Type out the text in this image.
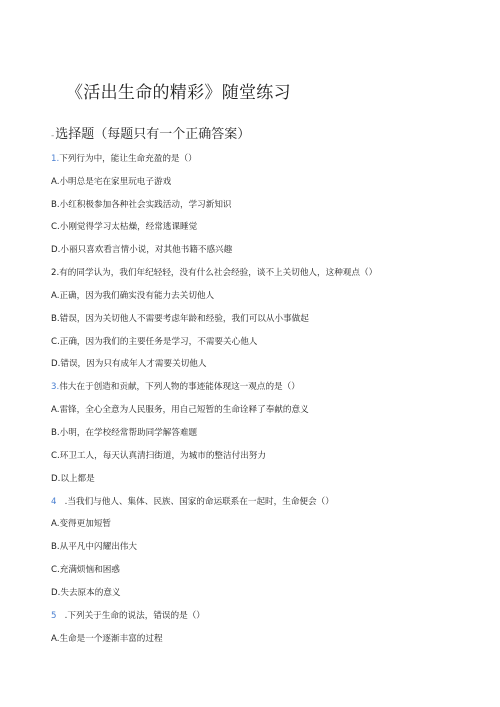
《活出生命的精彩》随堂练习
-选择题（每题只有一个正确答案）
1.下列行为中，能让生命充盈的是（）
A.小明总是宅在家里玩电子游戏
B.小红积极参加各种社会实践活动，学习新知识
C.小刚觉得学习太枯燥，经常逃课睡觉
D.小丽只喜欢看言情小说，对其他书籍不感兴趣
2.有的同学认为，我们年纪轻轻，没有什么社会经验，谈不上关切他人，这种观点（）
A.正确，因为我们确实没有能力去关切他人
B.错误，因为关切他人不需要考虑年龄和经验，我们可以从小事做起
C.正确，因为我们的主要任务是学习，不需要关心他人
D.错误，因为只有成年人才需要关切他人
3.伟大在于创造和贡献，下列人物的事迹能体现这一观点的是（）
A.雷锋，全心全意为人民服务，用自己短暂的生命诠释了奉献的意义
B.小明，在学校经常帮助同学解答难题
C.环卫工人，每天认真清扫街道，为城市的整洁付出努力
D.以上都是
4   .当我们与他人、集体、民族、国家的命运联系在一起时，生命便会（）
A.变得更加短暂
B.从平凡中闪耀出伟大
C.充满烦恼和困惑
D.失去原本的意义
5   .下列关于生命的说法，错误的是（）
A.生命是一个逐渐丰富的过程
